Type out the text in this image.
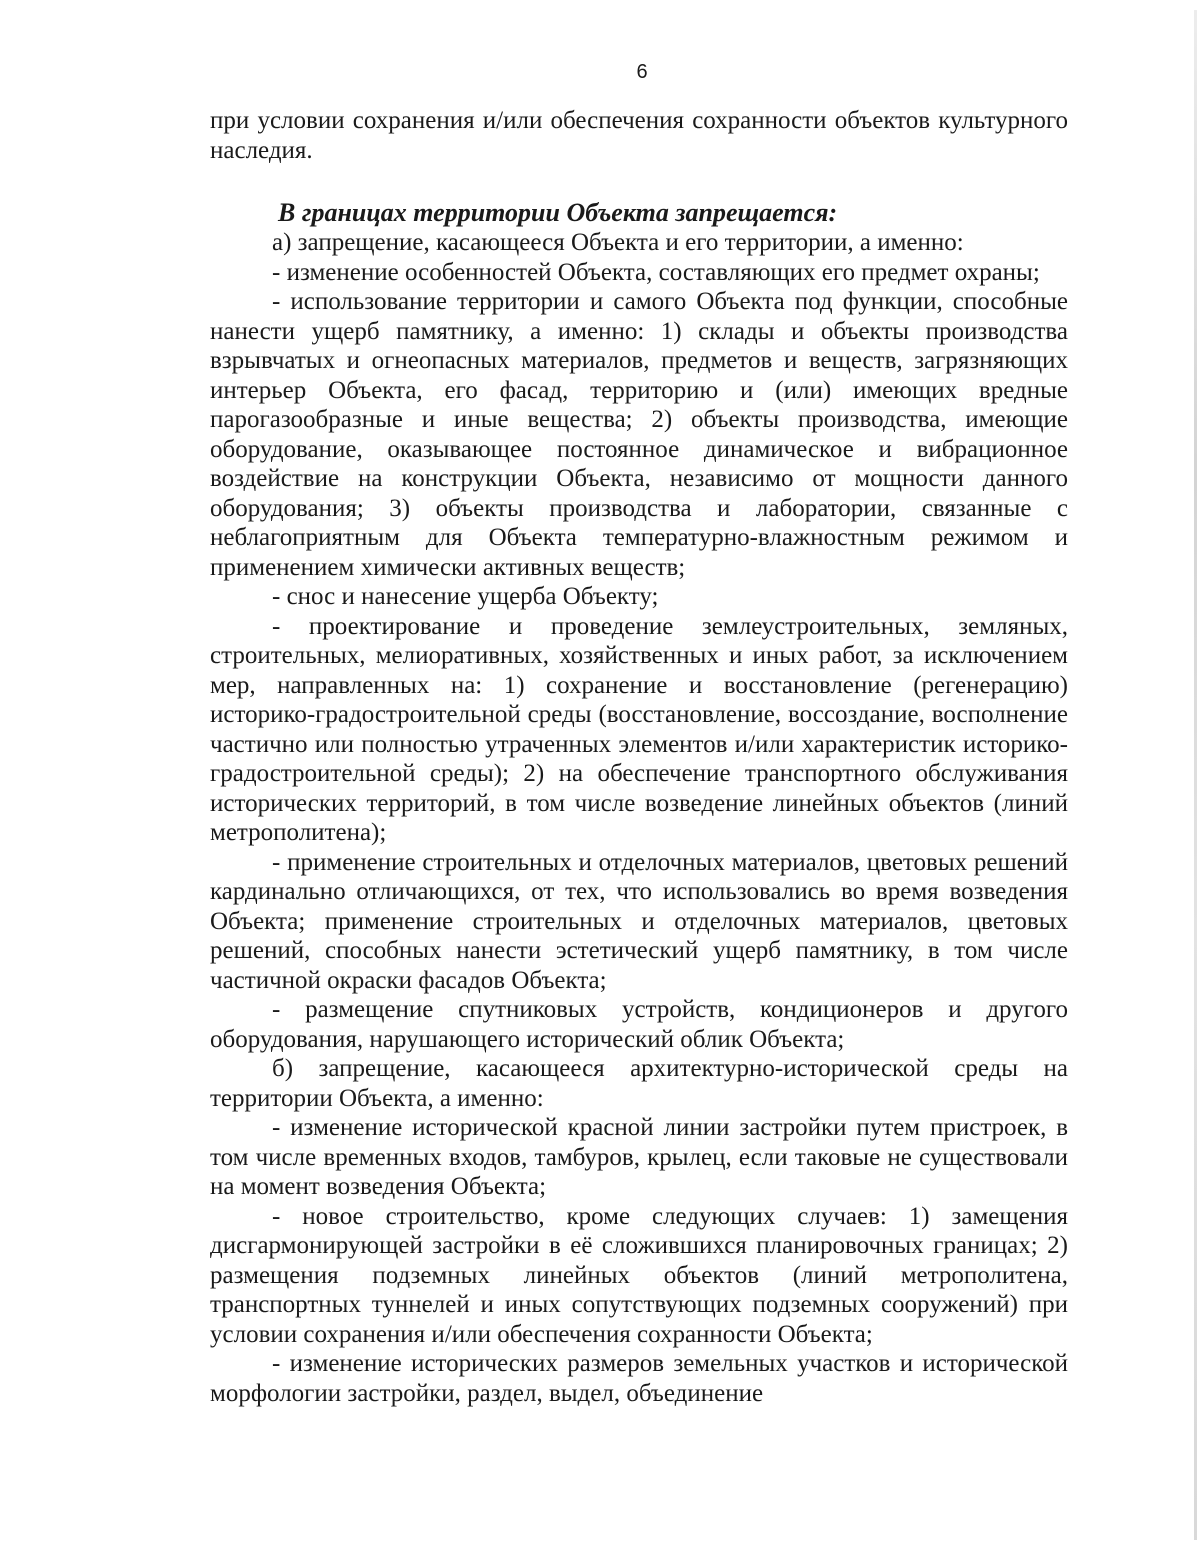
6

при условии сохранения и/или обеспечения сохранности объектов культурного наследия.

В границах территории Объекта запрещается:

а) запрещение, касающееся Объекта и его территории, а именно:

- изменение особенностей Объекта, составляющих его предмет охраны;

- использование территории и самого Объекта под функции, способные нанести ущерб памятнику, а именно: 1) склады и объекты производства взрывчатых и огнеопасных материалов, предметов и веществ, загрязняющих интерьер Объекта, его фасад, территорию и (или) имеющих вредные парогазообразные и иные вещества; 2) объекты производства, имеющие оборудование, оказывающее постоянное динамическое и вибрационное воздействие на конструкции Объекта, независимо от мощности данного оборудования; 3) объекты производства и лаборатории, связанные с неблагоприятным для Объекта температурно-влажностным режимом и применением химически активных веществ;

- снос и нанесение ущерба Объекту;

- проектирование и проведение землеустроительных, земляных, строительных, мелиоративных, хозяйственных и иных работ, за исключением мер, направленных на: 1) сохранение и восстановление (регенерацию) историко-градостроительной среды (восстановление, воссоздание, восполнение частично или полностью утраченных элементов и/или характеристик историко-градостроительной среды); 2) на обеспечение транспортного обслуживания исторических территорий, в том числе возведение линейных объектов (линий метрополитена);

- применение строительных и отделочных материалов, цветовых решений кардинально отличающихся, от тех, что использовались во время возведения Объекта; применение строительных и отделочных материалов, цветовых решений, способных нанести эстетический ущерб памятнику, в том числе частичной окраски фасадов Объекта;

- размещение спутниковых устройств, кондиционеров и другого оборудования, нарушающего исторический облик Объекта;

б) запрещение, касающееся архитектурно-исторической среды на территории Объекта, а именно:

- изменение исторической красной линии застройки путем пристроек, в том числе временных входов, тамбуров, крылец, если таковые не существовали на момент возведения Объекта;

- новое строительство, кроме следующих случаев: 1) замещения дисгармонирующей застройки в её сложившихся планировочных границах; 2) размещения подземных линейных объектов (линий метрополитена, транспортных туннелей и иных сопутствующих подземных сооружений) при условии сохранения и/или обеспечения сохранности Объекта;

- изменение исторических размеров земельных участков и исторической морфологии застройки, раздел, выдел, объединение
